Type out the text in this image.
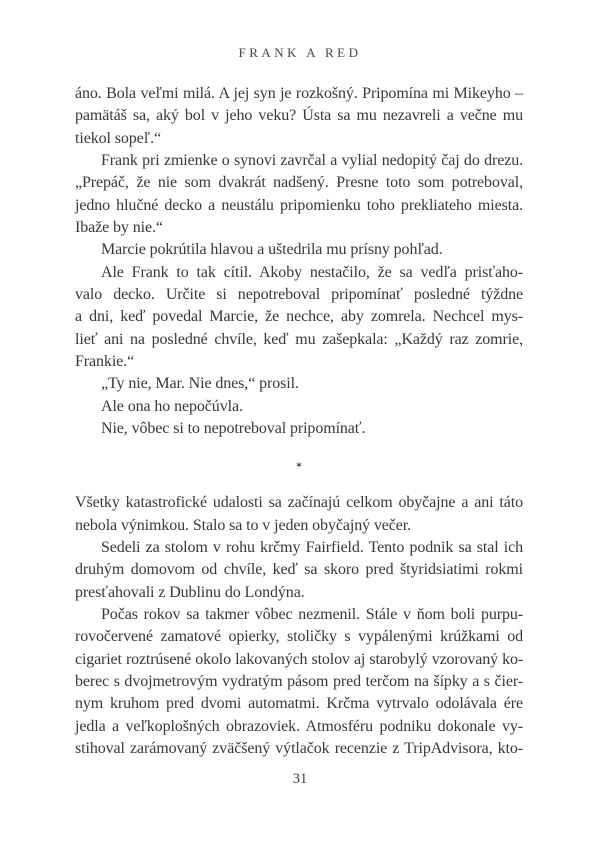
FRANK A RED
áno. Bola veľmi milá. A jej syn je rozkošný. Pripomína mi Mikeyho –
pamätáš sa, aký bol v jeho veku? Ústa sa mu nezavreli a večne mu
tiekol sopeľ.“
Frank pri zmienke o synovi zavrčal a vylial nedopitý čaj do drezu.
„Prepáč, že nie som dvakrát nadšený. Presne toto som potreboval,
jedno hlučné decko a neustálu pripomienku toho prekliateho miesta.
Ibaže by nie.“
Marcie pokrútila hlavou a uštedrila mu prísny pohľad.
Ale Frank to tak cítil. Akoby nestačilo, že sa vedľa prisťaho-
valo decko. Určite si nepotreboval pripomínať posledné týždne
a dni, keď povedal Marcie, že nechce, aby zomrela. Nechcel mys-
lieť ani na posledné chvíle, keď mu zašepkala: „Každý raz zomrie,
Frankie.“
„Ty nie, Mar. Nie dnes,“ prosil.
Ale ona ho nepočúvla.
Nie, vôbec si to nepotreboval pripomínať.
✶
Všetky katastrofické udalosti sa začínajú celkom obyčajne a ani táto
nebola výnimkou. Stalo sa to v jeden obyčajný večer.
Sedeli za stolom v rohu krčmy Fairfield. Tento podnik sa stal ich
druhým domovom od chvíle, keď sa skoro pred štyridsiatimi rokmi
presťahovali z Dublinu do Londýna.
Počas rokov sa takmer vôbec nezmenil. Stále v ňom boli purpu-
rovočervené zamatové opierky, stoličky s vypálenými krúžkami od
cigariet roztrúsené okolo lakovaných stolov aj starobylý vzorovaný ko-
berec s dvojmetrovým vydratým pásom pred terčom na šípky a s čier-
nym kruhom pred dvomi automatmi. Krčma vytrvalo odolávala ére
jedla a veľkoplošných obrazoviek. Atmosféru podniku dokonale vy-
stihoval zarámovaný zväčšený výtlačok recenzie z TripAdvisora, kto-
31
